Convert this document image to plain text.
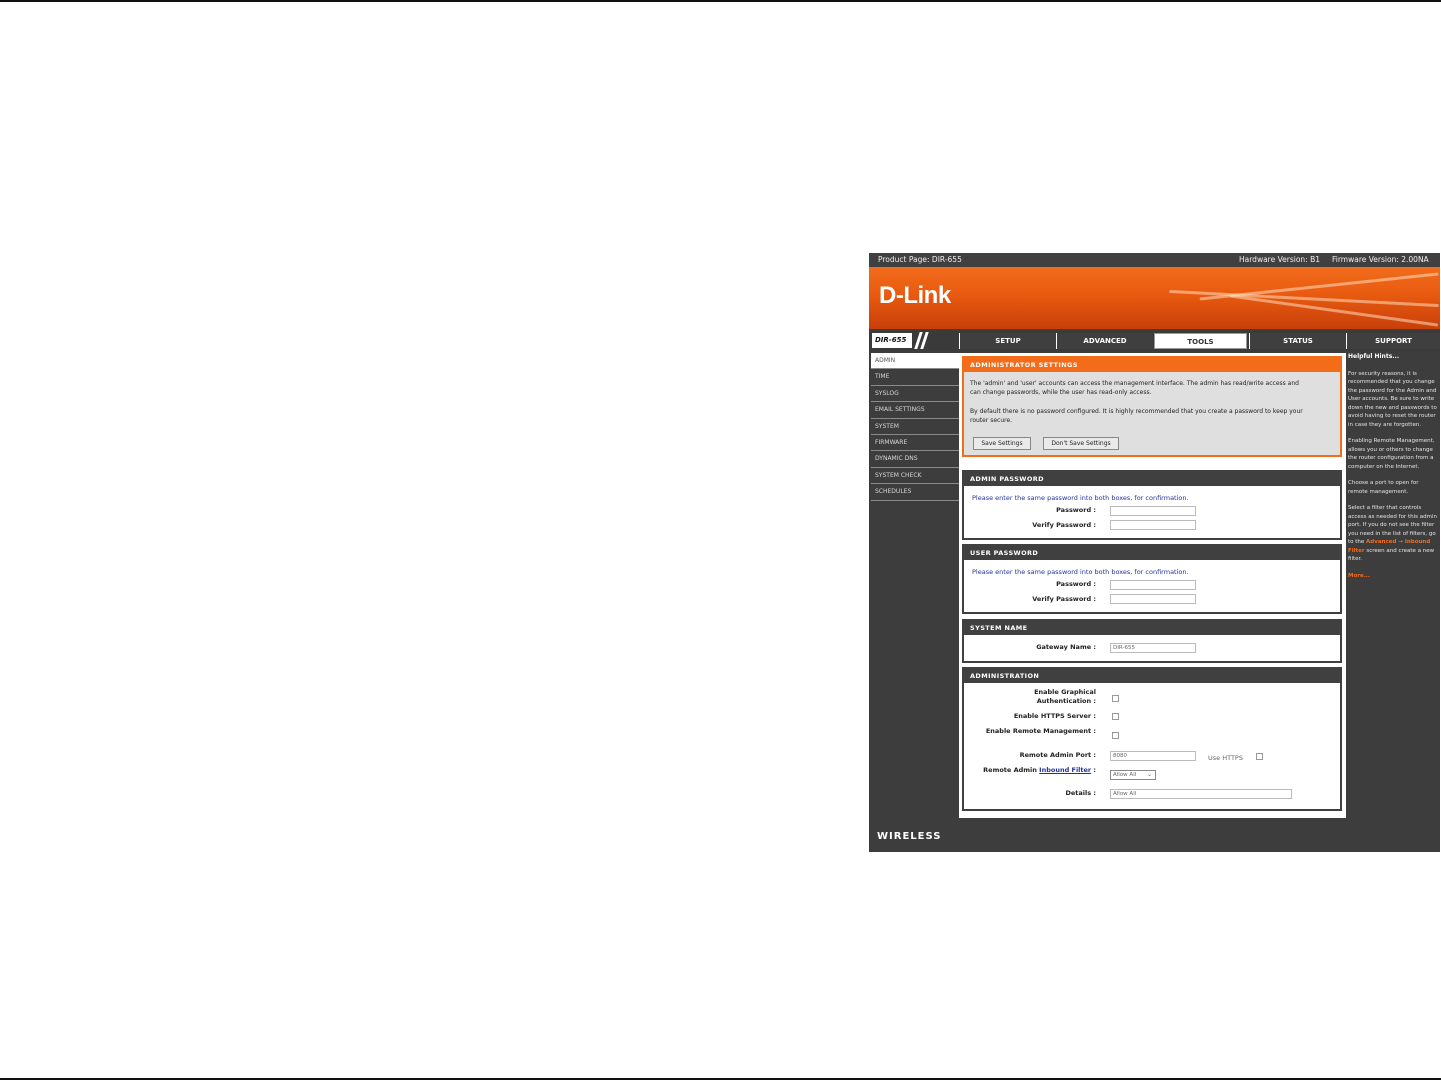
Product Page: DIR-655	Hardware Version: B1 Firmware Version: 2.00NA
D-Link
DIR-655	SETUP	ADVANCED	TOOLS	STATUS	SUPPORT
ADMIN
TIME
SYSLOG
EMAIL SETTINGS
SYSTEM
FIRMWARE
DYNAMIC DNS
SYSTEM CHECK
SCHEDULES
WIRELESS
ADMINISTRATOR SETTINGS
The 'admin' and 'user' accounts can access the management interface. The admin has read/write access and can change passwords, while the user has read-only access.
By default there is no password configured. It is highly recommended that you create a password to keep your router secure.
Save Settings	Don't Save Settings
ADMIN PASSWORD
Please enter the same password into both boxes, for confirmation.
Password :
Verify Password :
USER PASSWORD
Please enter the same password into both boxes, for confirmation.
Password :
Verify Password :
SYSTEM NAME
Gateway Name :	DIR-655
ADMINISTRATION
Enable Graphical Authentication :
Enable HTTPS Server :
Enable Remote Management :
Remote Admin Port :	8080	Use HTTPS
Remote Admin Inbound Filter :
Allow All ⌄
Details :	Allow All
Helpful Hints...
For security reasons, it is recommended that you change the password for the Admin and User accounts. Be sure to write down the new and passwords to avoid having to reset the router in case they are forgotten.
Enabling Remote Management, allows you or others to change the router configuration from a computer on the Internet.
Choose a port to open for remote management.
Select a filter that controls access as needed for this admin port. If you do not see the filter you need in the list of filters, go to the Advanced → Inbound Filter screen and create a new filter.
More...
